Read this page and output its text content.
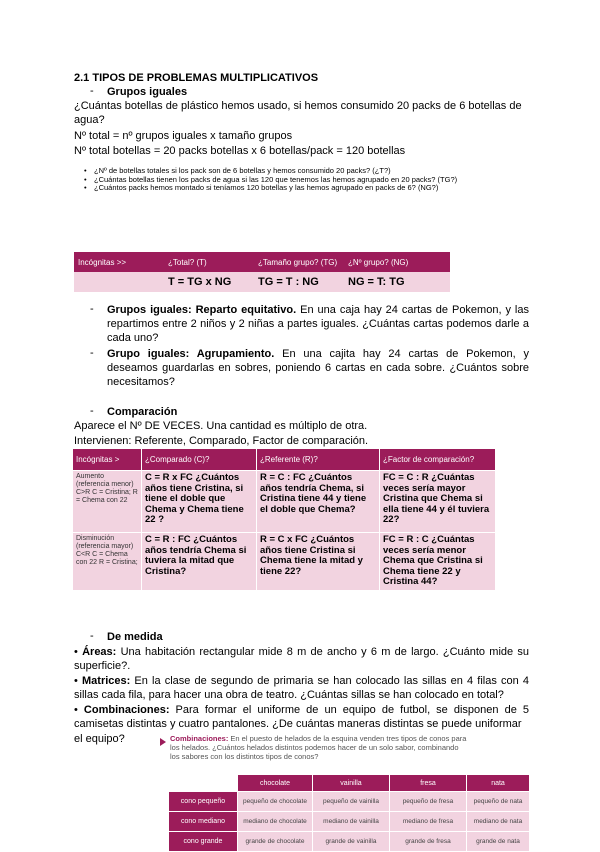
2.1 TIPOS DE PROBLEMAS MULTIPLICATIVOS
- Grupos iguales
¿Cuántas botellas de plástico hemos usado, si hemos consumido 20 packs de 6 botellas de agua?
Nº total = nº grupos iguales x tamaño grupos
Nº total botellas = 20 packs botellas x 6 botellas/pack = 120 botellas
• ¿Nº de botellas totales si los pack son de 6 botellas y hemos consumido 20 packs? (¿T?)
• ¿Cuántas botellas tienen los packs de agua si las 120 que tenemos las hemos agrupado en 20 packs? (TG?)
• ¿Cuántos packs hemos montado si teníamos 120 botellas y las hemos agrupado en packs de 6? (NG?)
Incógnitas >>	¿Total? (T)	¿Tamaño grupo? (TG)	¿Nº grupo? (NG)
	T = TG x NG	TG = T : NG	NG = T: TG
- Grupos iguales: Reparto equitativo. En una caja hay 24 cartas de Pokemon, y las repartimos entre 2 niños y 2 niñas a partes iguales. ¿Cuántas cartas podemos darle a cada uno?
- Grupo iguales: Agrupamiento. En una cajita hay 24 cartas de Pokemon, y deseamos guardarlas en sobres, poniendo 6 cartas en cada sobre. ¿Cuántos sobre necesitamos?
- Comparación
Aparece el Nº DE VECES. Una cantidad es múltiplo de otra.
Intervienen: Referente, Comparado, Factor de comparación.
Incógnitas >	¿Comparado (C)?	¿Referente (R)?	¿Factor de comparación?
Aumento (referencia menor) C>R C = Cristina; R = Chema con 22	C = R x FC ¿Cuántos años tiene Cristina, si tiene el doble que Chema y Chema tiene 22 ?	R = C : FC ¿Cuántos años tendría Chema, si Cristina tiene 44 y tiene el doble que Chema?	FC = C : R ¿Cuántas veces sería mayor Cristina que Chema si ella tiene 44 y él tuviera 22?
Disminución (referencia mayor) C<R C = Chema con 22 R = Cristina;	C = R : FC ¿Cuántos años tendría Chema si tuviera la mitad que Cristina?	R = C x FC ¿Cuántos años tiene Cristina si Chema tiene la mitad y tiene 22?	FC = R : C ¿Cuántas veces sería menor Chema que Cristina si Chema tiene 22 y Cristina 44?
- De medida
• Áreas: Una habitación rectangular mide 8 m de ancho y 6 m de largo. ¿Cuánto mide su superficie?.
• Matrices: En la clase de segundo de primaria se han colocado las sillas en 4 filas con 4 sillas cada fila, para hacer una obra de teatro. ¿Cuántas sillas se han colocado en total?
• Combinaciones: Para formar el uniforme de un equipo de futbol, se disponen de 5 camisetas distintas y cuatro pantalones. ¿De cuántas maneras distintas se puede uniformar
el equipo?	Combinaciones: En el puesto de helados de la esquina venden tres tipos de conos para los helados. ¿Cuántos helados distintos podemos hacer de un solo sabor, combinando los sabores con los distintos tipos de conos?
	chocolate	vainilla	fresa	nata
cono pequeño	pequeño de chocolate	pequeño de vainilla	pequeño de fresa	pequeño de nata
cono mediano	mediano de chocolate	mediano de vainilla	mediano de fresa	mediano de nata
cono grande	grande de chocolate	grande de vainilla	grande de fresa	grande de nata
